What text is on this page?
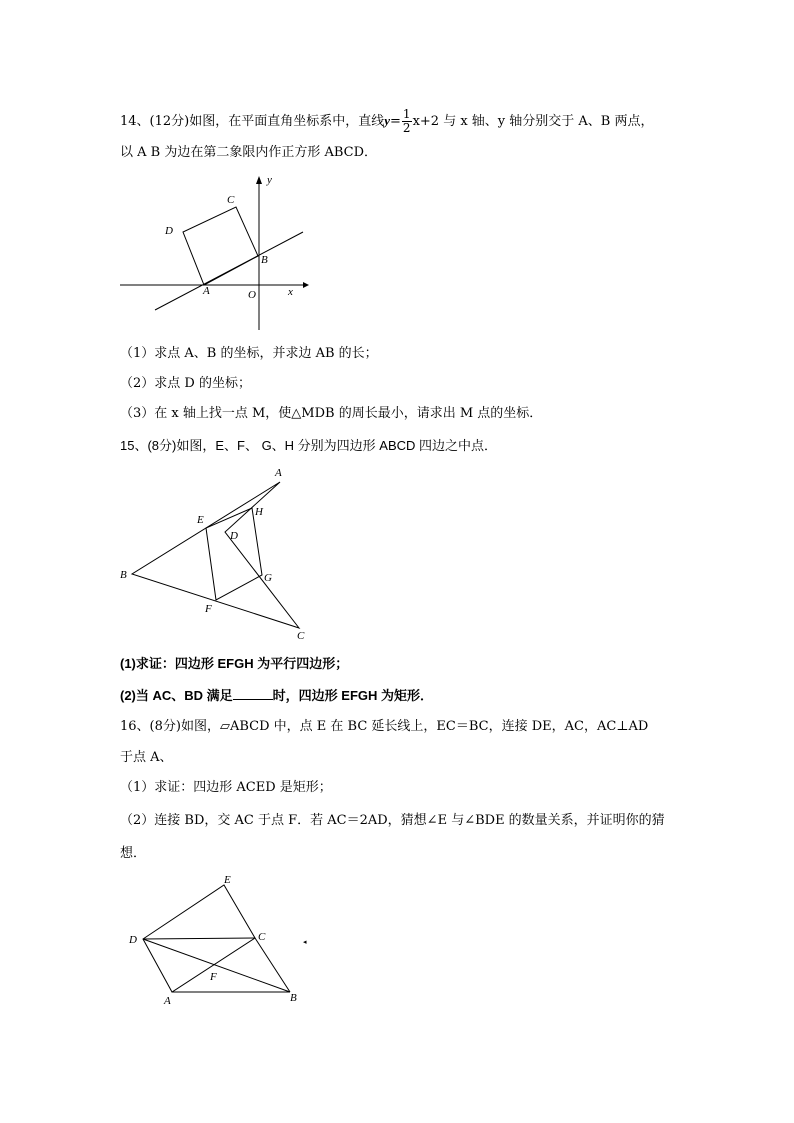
14、(12分)如图，在平面直角坐标系中，直线$y= \frac{1}{2} x+2$ 与 x 轴、y 轴分别交于 A、B 两点，
以 A B 为边在第二象限内作正方形 ABCD．
y
x
C
D
B
A	O
（1）求点 A、B 的坐标，并求边 AB 的长；
（2）求点 D 的坐标；
（3）在 x 轴上找一点 M，使△MDB 的周长最小，请求出 M 点的坐标．
15、(8分)如图，E、F、 G、H 分别为四边形 ABCD 四边之中点．
A
E
H
D
B	G
F
C
(1)求证：四边形 EFGH 为平行四边形；
(2)当 AC、BD 满足	时，四边形 EFGH 为矩形．
16、(8分)如图，▱ABCD 中，点 E 在 BC 延长线上，EC＝BC，连接 DE，AC，AC⊥AD
于点 A、
（1）求证：四边形 ACED 是矩形；
（2）连接 BD，交 AC 于点 F．若 AC＝2AD，猜想∠E 与∠BDE 的数量关系，并证明你的猜
想．
E
D	C
F
A	B
◂
